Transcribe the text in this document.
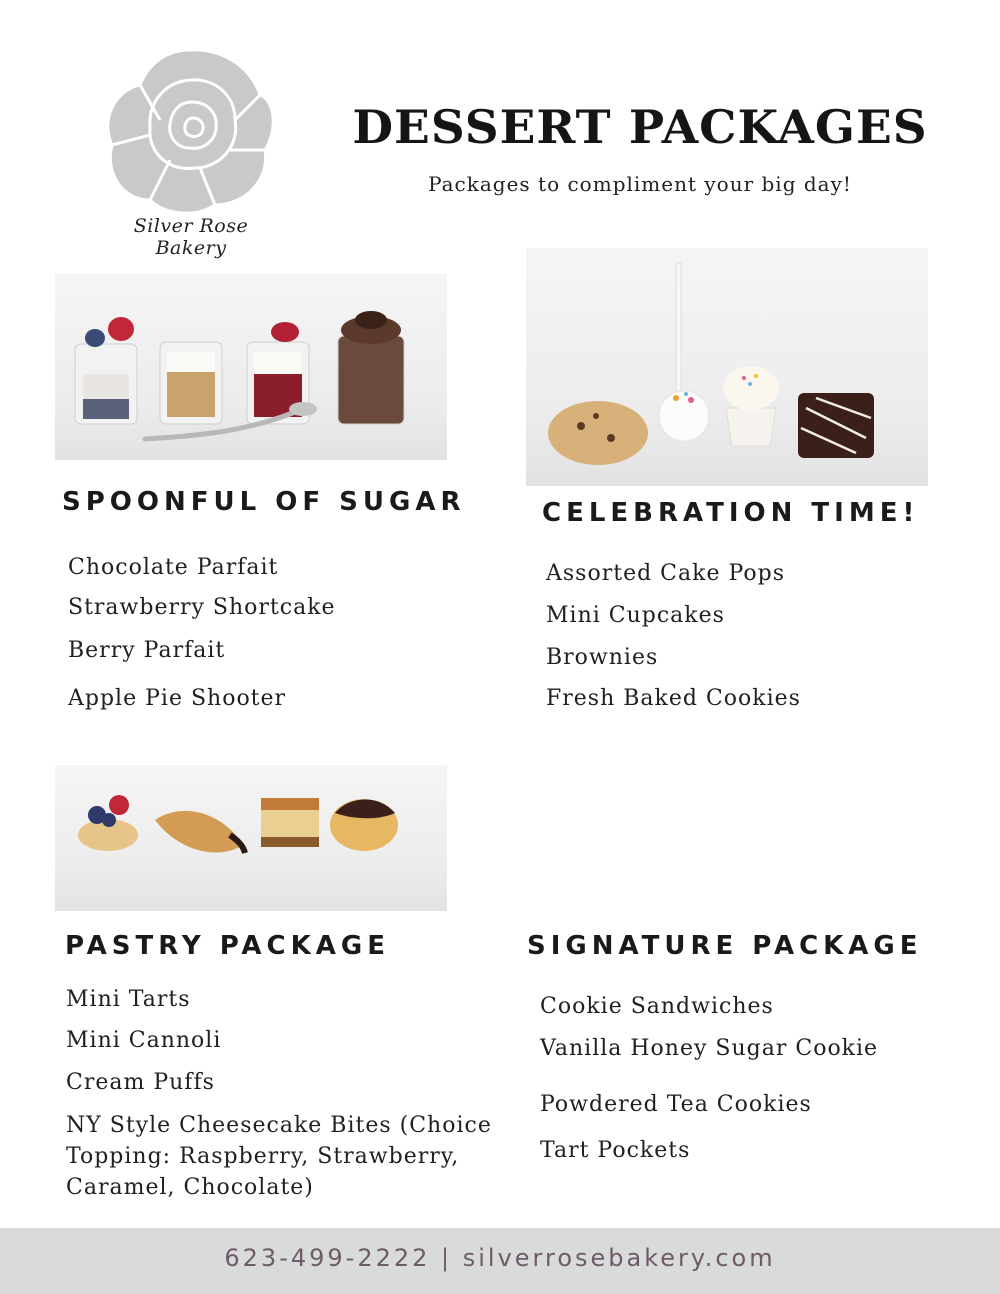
Silver Rose Bakery
DESSERT PACKAGES
Packages to compliment your big day!
SPOONFUL OF SUGAR
Chocolate Parfait
Strawberry Shortcake
Berry Parfait
Apple Pie Shooter
CELEBRATION TIME!
Assorted Cake Pops
Mini Cupcakes
Brownies
Fresh Baked Cookies
PASTRY PACKAGE
Mini Tarts
Mini Cannoli
Cream Puffs
NY Style Cheesecake Bites (Choice Topping: Raspberry, Strawberry, Caramel, Chocolate)
SIGNATURE PACKAGE
Cookie Sandwiches
Vanilla Honey Sugar Cookie
Powdered Tea Cookies
Tart Pockets
623-499-2222 | silverrosebakery.com
